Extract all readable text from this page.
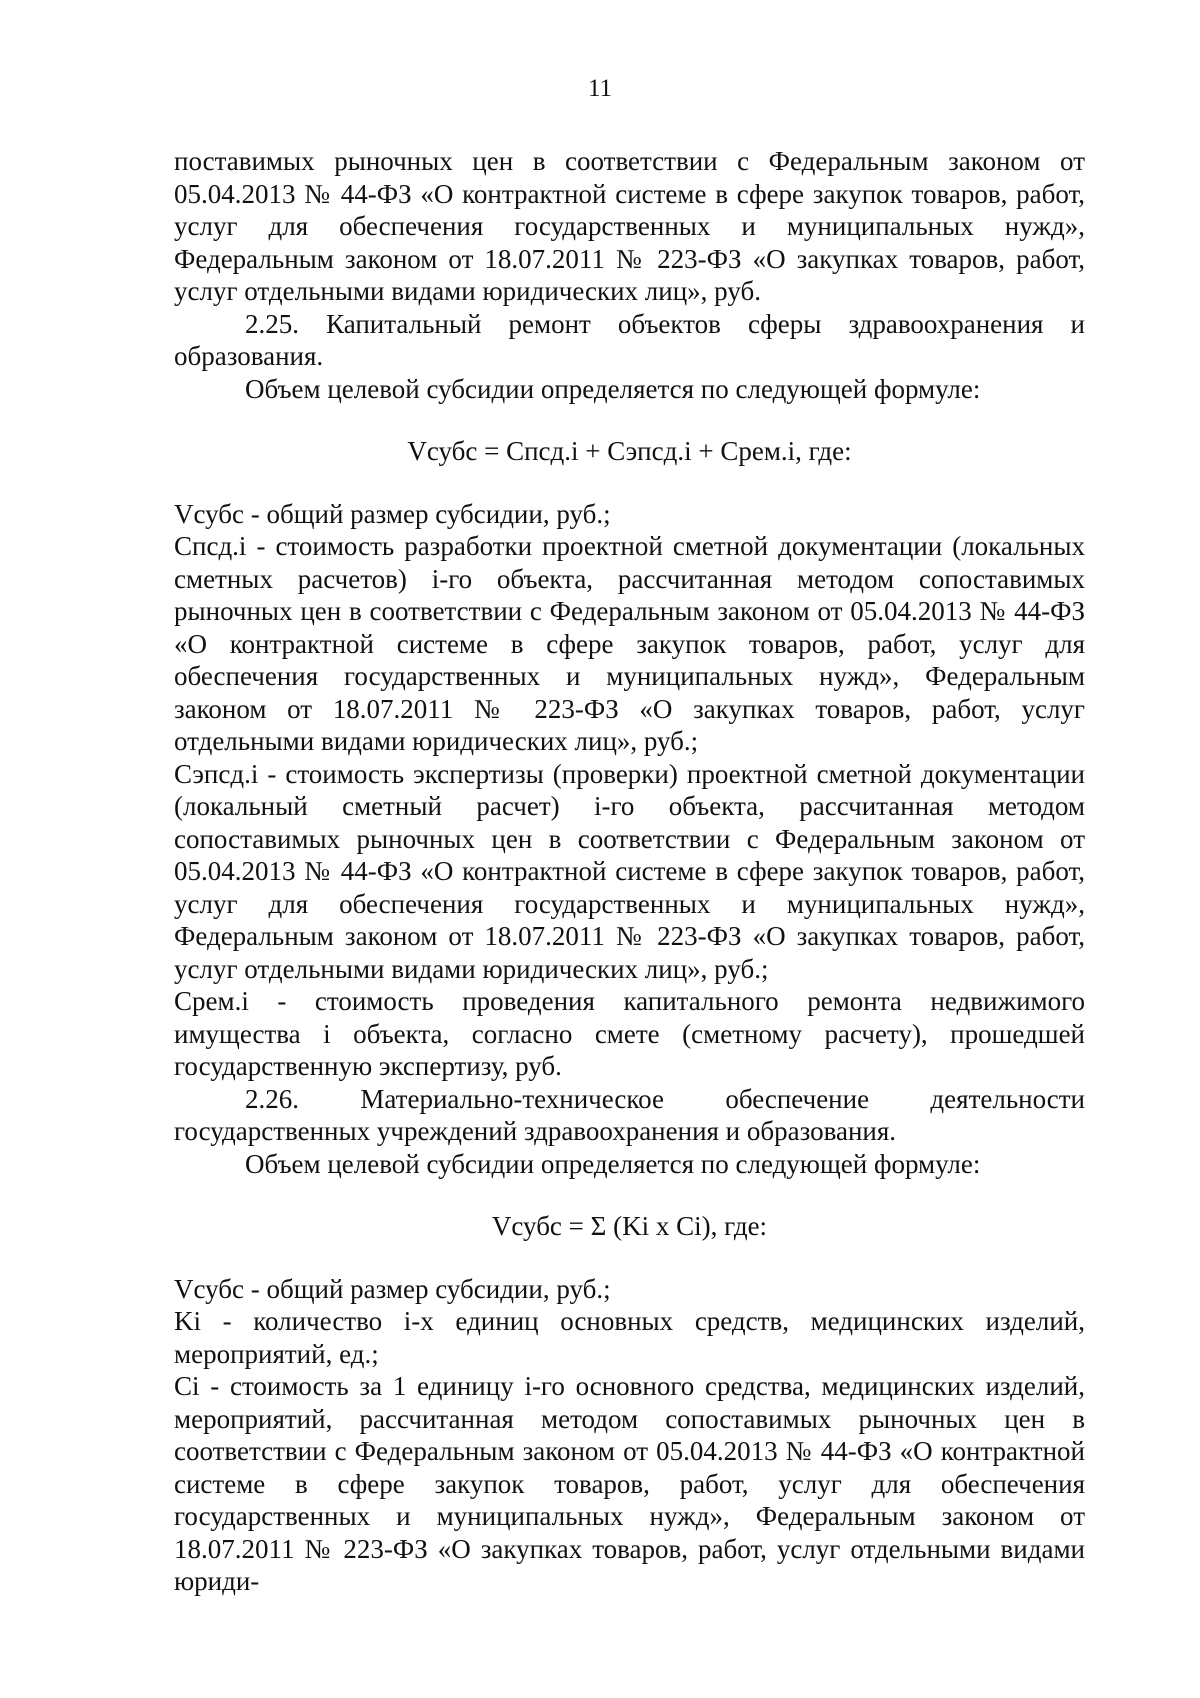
11

поставимых рыночных цен в соответствии с Федеральным законом от 05.04.2013 № 44-ФЗ «О контрактной системе в сфере закупок товаров, работ, услуг для обеспечения государственных и муниципальных нужд», Федеральным законом от 18.07.2011 № 223-ФЗ «О закупках товаров, работ, услуг отдельными видами юридических лиц», руб.

2.25. Капитальный ремонт объектов сферы здравоохранения и образования.

Объем целевой субсидии определяется по следующей формуле:

Vсубс = Спсд.i + Сэпсд.i + Срем.i, где:

Vсубс - общий размер субсидии, руб.;

Спсд.i - стоимость разработки проектной сметной документации (локальных сметных расчетов) i-го объекта, рассчитанная методом сопоставимых рыночных цен в соответствии с Федеральным законом от 05.04.2013 № 44-ФЗ «О контрактной системе в сфере закупок товаров, работ, услуг для обеспечения государственных и муниципальных нужд», Федеральным законом от 18.07.2011 № 223-ФЗ «О закупках товаров, работ, услуг отдельными видами юридических лиц», руб.;

Сэпсд.i - стоимость экспертизы (проверки) проектной сметной документации (локальный сметный расчет) i-го объекта, рассчитанная методом сопоставимых рыночных цен в соответствии с Федеральным законом от 05.04.2013 № 44-ФЗ «О контрактной системе в сфере закупок товаров, работ, услуг для обеспечения государственных и муниципальных нужд», Федеральным законом от 18.07.2011 № 223-ФЗ «О закупках товаров, работ, услуг отдельными видами юридических лиц», руб.;

Срем.i - стоимость проведения капитального ремонта недвижимого имущества i объекта, согласно смете (сметному расчету), прошедшей государственную экспертизу, руб.

2.26. Материально-техническое обеспечение деятельности государственных учреждений здравоохранения и образования.

Объем целевой субсидии определяется по следующей формуле:

Vсубс = Σ (Ki x Ci), где:

Vсубс - общий размер субсидии, руб.;

Ki - количество i-х единиц основных средств, медицинских изделий, мероприятий, ед.;

Ci - стоимость за 1 единицу i-го основного средства, медицинских изделий, мероприятий, рассчитанная методом сопоставимых рыночных цен в соответствии с Федеральным законом от 05.04.2013 № 44-ФЗ «О контрактной системе в сфере закупок товаров, работ, услуг для обеспечения государственных и муниципальных нужд», Федеральным законом от 18.07.2011 № 223-ФЗ «О закупках товаров, работ, услуг отдельными видами юриди-
